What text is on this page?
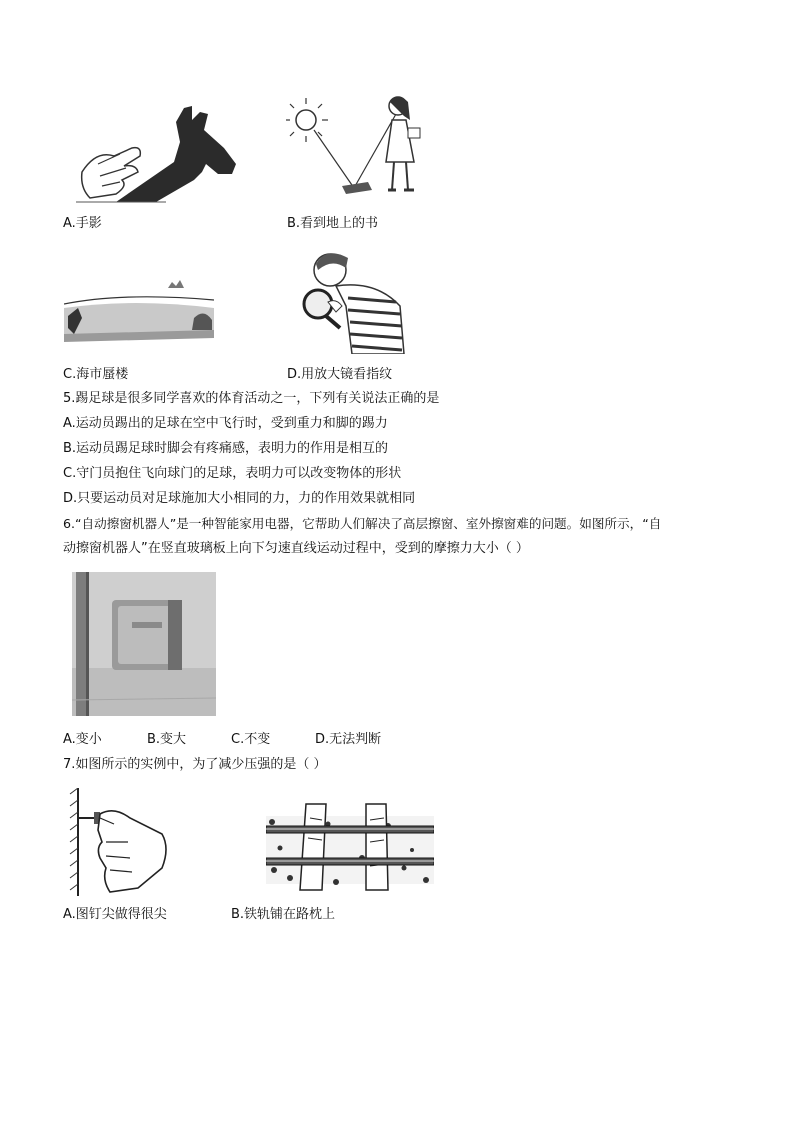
A.手影	B.看到地上的书
C.海市蜃楼	D.用放大镜看指纹
5.踢足球是很多同学喜欢的体育活动之一，下列有关说法正确的是
A.运动员踢出的足球在空中飞行时，受到重力和脚的踢力
B.运动员踢足球时脚会有疼痛感，表明力的作用是相互的
C.守门员抱住飞向球门的足球，表明力可以改变物体的形状
D.只要运动员对足球施加大小相同的力，力的作用效果就相同
6.“自动擦窗机器人”是一种智能家用电器，它帮助人们解决了高层擦窗、室外擦窗难的问题。如图所示，“自
动擦窗机器人”在竖直玻璃板上向下匀速直线运动过程中，受到的摩擦力大小（ ）
A.变小	B.变大	C.不变	D.无法判断
7.如图所示的实例中，为了减少压强的是（ ）
A.图钉尖做得很尖	B.铁轨铺在路枕上
